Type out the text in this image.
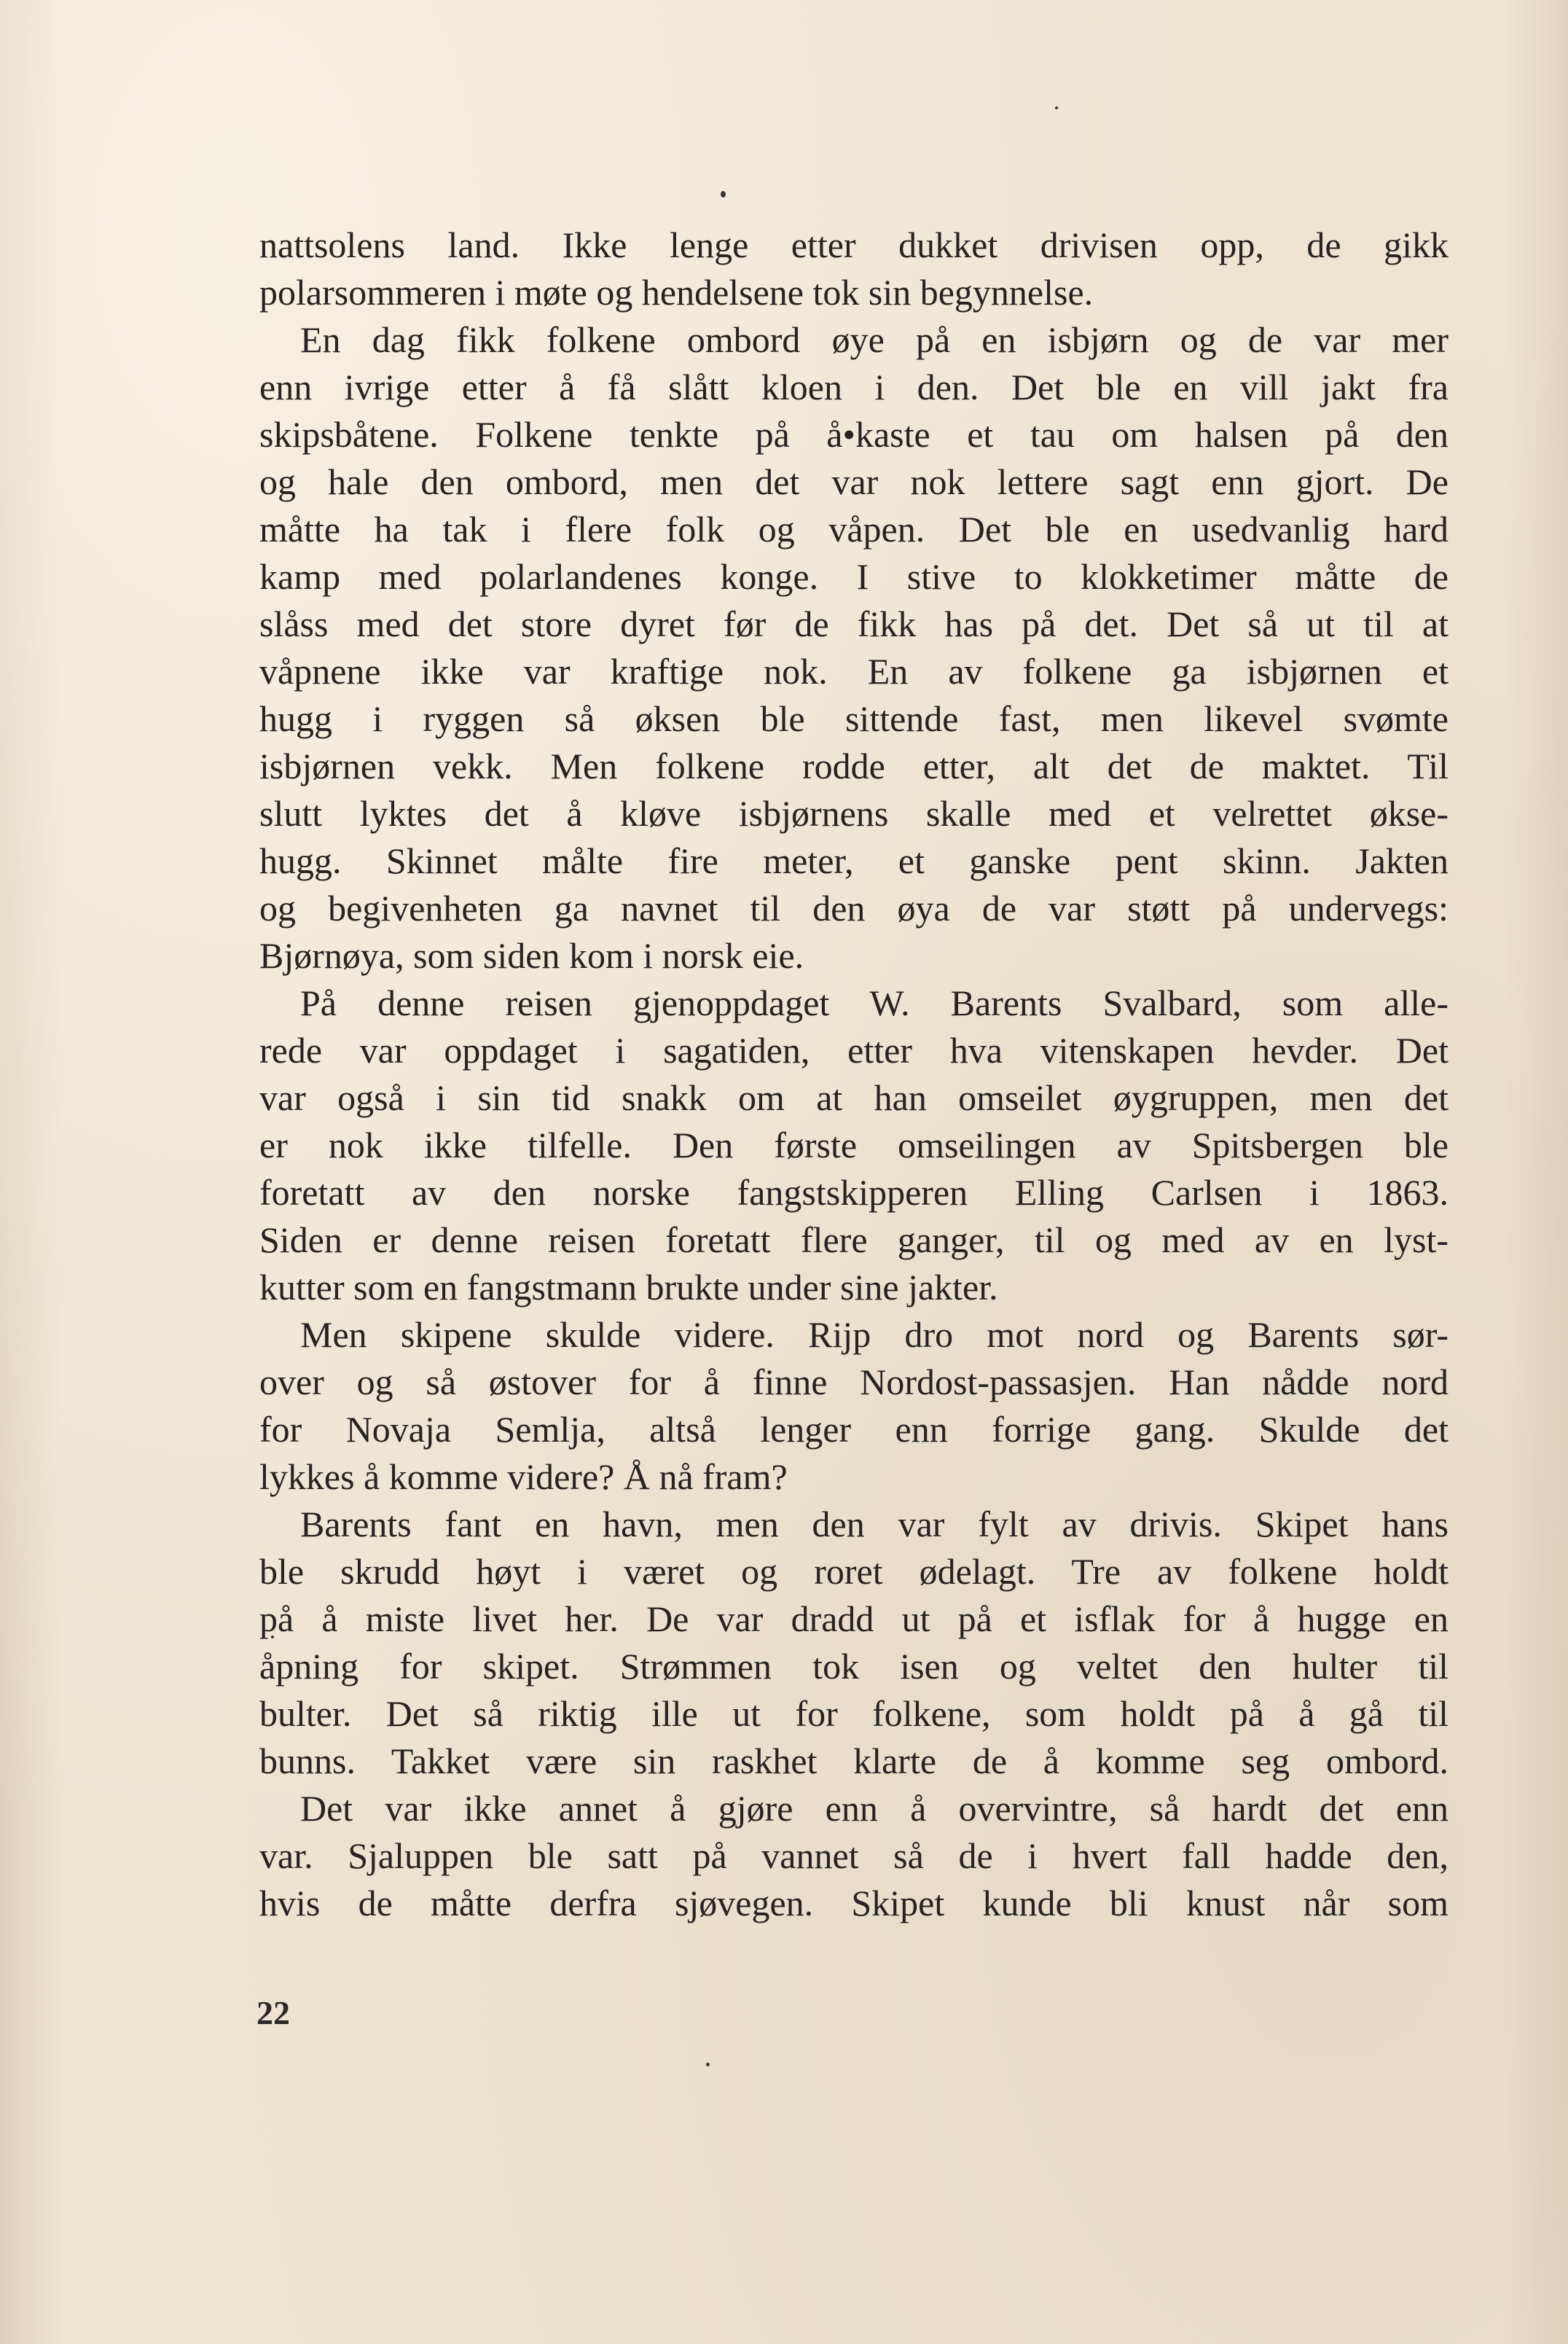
nattsolens land. Ikke lenge etter dukket drivisen opp, de gikk
polarsommeren i møte og hendelsene tok sin begynnelse.
En dag fikk folkene ombord øye på en isbjørn og de var mer
enn ivrige etter å få slått kloen i den. Det ble en vill jakt fra
skipsbåtene. Folkene tenkte på å•kaste et tau om halsen på den
og hale den ombord, men det var nok lettere sagt enn gjort. De
måtte ha tak i flere folk og våpen. Det ble en usedvanlig hard
kamp med polarlandenes konge. I stive to klokketimer måtte de
slåss med det store dyret før de fikk has på det. Det så ut til at
våpnene ikke var kraftige nok. En av folkene ga isbjørnen et
hugg i ryggen så øksen ble sittende fast, men likevel svømte
isbjørnen vekk. Men folkene rodde etter, alt det de maktet. Til
slutt lyktes det å kløve isbjørnens skalle med et velrettet økse-
hugg. Skinnet målte fire meter, et ganske pent skinn. Jakten
og begivenheten ga navnet til den øya de var støtt på undervegs:
Bjørnøya, som siden kom i norsk eie.
På denne reisen gjenoppdaget W. Barents Svalbard, som alle-
rede var oppdaget i sagatiden, etter hva vitenskapen hevder. Det
var også i sin tid snakk om at han omseilet øygruppen, men det
er nok ikke tilfelle. Den første omseilingen av Spitsbergen ble
foretatt av den norske fangstskipperen Elling Carlsen i 1863.
Siden er denne reisen foretatt flere ganger, til og med av en lyst-
kutter som en fangstmann brukte under sine jakter.
Men skipene skulde videre. Rijp dro mot nord og Barents sør-
over og så østover for å finne Nordost-passasjen. Han nådde nord
for Novaja Semlja, altså lenger enn forrige gang. Skulde det
lykkes å komme videre? Å nå fram?
Barents fant en havn, men den var fylt av drivis. Skipet hans
ble skrudd høyt i været og roret ødelagt. Tre av folkene holdt
på å miste livet her. De var dradd ut på et isflak for å hugge en
åpning for skipet. Strømmen tok isen og veltet den hulter til
bulter. Det så riktig ille ut for folkene, som holdt på å gå til
bunns. Takket være sin raskhet klarte de å komme seg ombord.
Det var ikke annet å gjøre enn å overvintre, så hardt det enn
var. Sjaluppen ble satt på vannet så de i hvert fall hadde den,
hvis de måtte derfra sjøvegen. Skipet kunde bli knust når som
22
